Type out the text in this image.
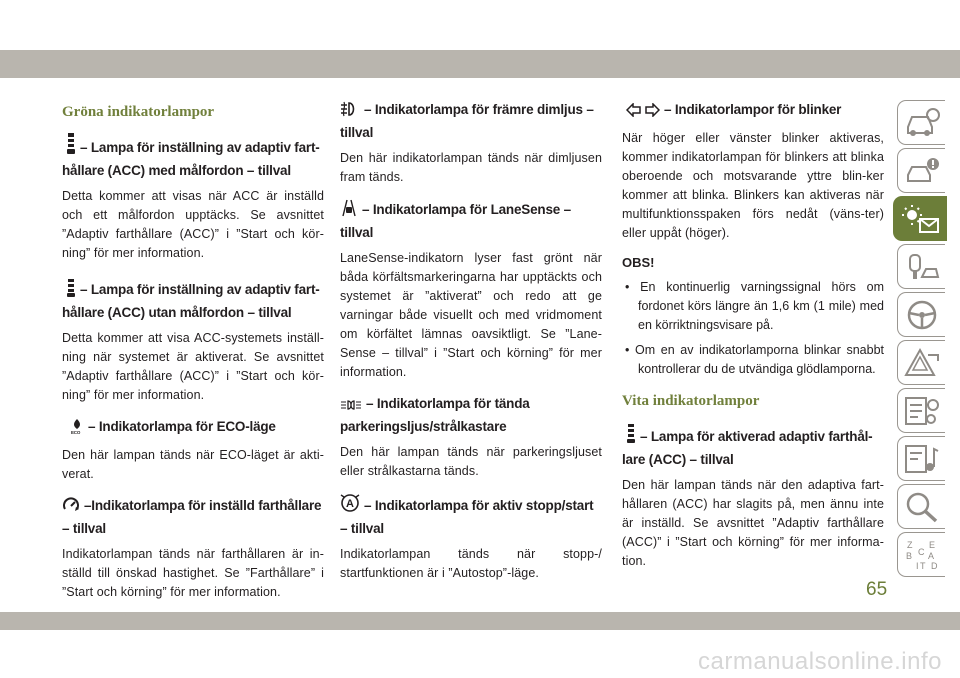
Gröna indikatorlampor
– Lampa för inställning av adaptiv fart-hållare (ACC) med målfordon – tillval
Detta kommer att visas när ACC är inställd och ett målfordon upptäcks. Se avsnittet ”Adaptiv farthållare (ACC)” i ”Start och kör-ning” för mer information.
– Lampa för inställning av adaptiv fart-hållare (ACC) utan målfordon – tillval
Detta kommer att visa ACC-systemets inställ-ning när systemet är aktiverat. Se avsnittet ”Adaptiv farthållare (ACC)” i ”Start och kör-ning” för mer information.
ECO – Indikatorlampa för ECO-läge
Den här lampan tänds när ECO-läget är akti-verat.
–Indikatorlampa för inställd farthållare – tillval
Indikatorlampan tänds när farthållaren är in-ställd till önskad hastighet. Se ”Farthållare” i ”Start och körning” för mer information.
– Indikatorlampa för främre dimljus – tillval
Den här indikatorlampan tänds när dimljusen fram tänds.
– Indikatorlampa för LaneSense – tillval
LaneSense-indikatorn lyser fast grönt när båda körfältsmarkeringarna har upptäckts och systemet är ”aktiverat” och redo att ge varningar både visuellt och med vridmoment om körfältet lämnas oavsiktligt. Se ”Lane-Sense – tillval” i ”Start och körning” för mer information.
– Indikatorlampa för tända parkeringsljus/strålkastare
Den här lampan tänds när parkeringsljuset eller strålkastarna tänds.
A – Indikatorlampa för aktiv stopp/start – tillval
Indikatorlampan tänds när stopp-/ startfunktionen är i ”Autostop”-läge.
– Indikatorlampor för blinker
När höger eller vänster blinker aktiveras, kommer indikatorlampan för blinkers att blinka oberoende och motsvarande yttre blin-ker kommer att blinka. Blinkers kan aktiveras när multifunktionsspaken förs nedåt (väns-ter) eller uppåt (höger).
OBS!
• En kontinuerlig varningssignal hörs om fordonet körs längre än 1,6 km (1 mile) med en körriktningsvisare på.
• Om en av indikatorlamporna blinkar snabbt kontrollerar du de utvändiga glödlamporna.
Vita indikatorlampor
– Lampa för aktiverad adaptiv farthål-lare (ACC) – tillval
Den här lampan tänds när den adaptiva fart-hållaren (ACC) har slagits på, men ännu inte är inställd. Se avsnittet ”Adaptiv farthållare (ACC)” i ”Start och körning” för mer informa-tion.
Z E
B A
I
C
T D
65
carmanualsonline.info
